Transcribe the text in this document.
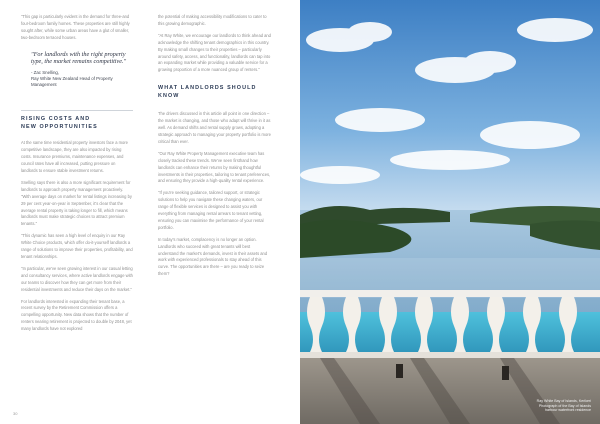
"This gap is particularly evident in the demand for three-and four-bedroom family homes. These properties are still highly sought after, while some urban areas have a glut of smaller, two-bedroom terraced houses.

"For landlords with the right property type, the market remains competitive."
- Zac Snelling,
Ray White New Zealand Head of Property Management
RISING COSTS AND
NEW OPPORTUNITIES

At the same time residential property investors face a more competitive landscape, they are also impacted by rising costs. Insurance premiums, maintenance expenses, and council rates have all increased, putting pressure on landlords to ensure stable investment returns.

Snelling says there is also a more significant requirement for landlords to approach property management proactively. "With average days on market for rental listings increasing by 29 per cent year-on-year in September, it's clear that the average rental property is taking longer to fill, which means landlords must make strategic choices to attract premium tenants."

"This dynamic has seen a high level of enquiry in our Ray White Choice products, which offer do-it-yourself landlords a range of solutions to improve their properties, profitability, and tenant relationships.

"In particular, we've seen growing interest in our casual letting and consultancy services, where active landlords engage with our teams to discover how they can get more from their residential investments and reduce their days on the market."

For landlords interested in expanding their tenant base, a recent survey by the Retirement Commission offers a compelling opportunity. New data shows that the number of renters nearing retirement is projected to double by 2048, yet many landlords have not explored

the potential of making accessibility modifications to cater to this growing demographic.

"At Ray White, we encourage our landlords to think ahead and acknowledge the shifting tenant demographics in this country. By making small changes to their properties – particularly around safety, access, and functionality, landlords can tap into an expanding market while providing a valuable service for a growing proportion of a more nuanced group of renters."

WHAT LANDLORDS SHOULD KNOW

The drivers discussed in this article all point in one direction – the market is changing, and those who adapt will thrive in it as well. As demand shifts and rental supply grows, adopting a strategic approach to managing your property portfolio is more critical than ever.

"Our Ray White Property Management executive team has closely tracked these trends. We've seen firsthand how landlords can enhance their returns by making thoughtful investments in their properties, tailoring to tenant preferences, and ensuring they provide a high-quality rental experience.

"If you're seeking guidance, tailored support, or strategic solutions to help you navigate these changing waters, our range of flexible services is designed to assist you with everything from managing rental arrears to tenant vetting, ensuring you can maximise the performance of your rental portfolio.

In today's market, complacency is no longer an option. Landlords who succeed with great tenants will best understand the market's demands, invest in their assets and work with experienced professionals to stay ahead of this curve. The opportunities are there – are you ready to seize them?

30
Ray White Bay of Islands, Kerikeri
Photograph of the Bay of Islands
harbour waterfront residence
